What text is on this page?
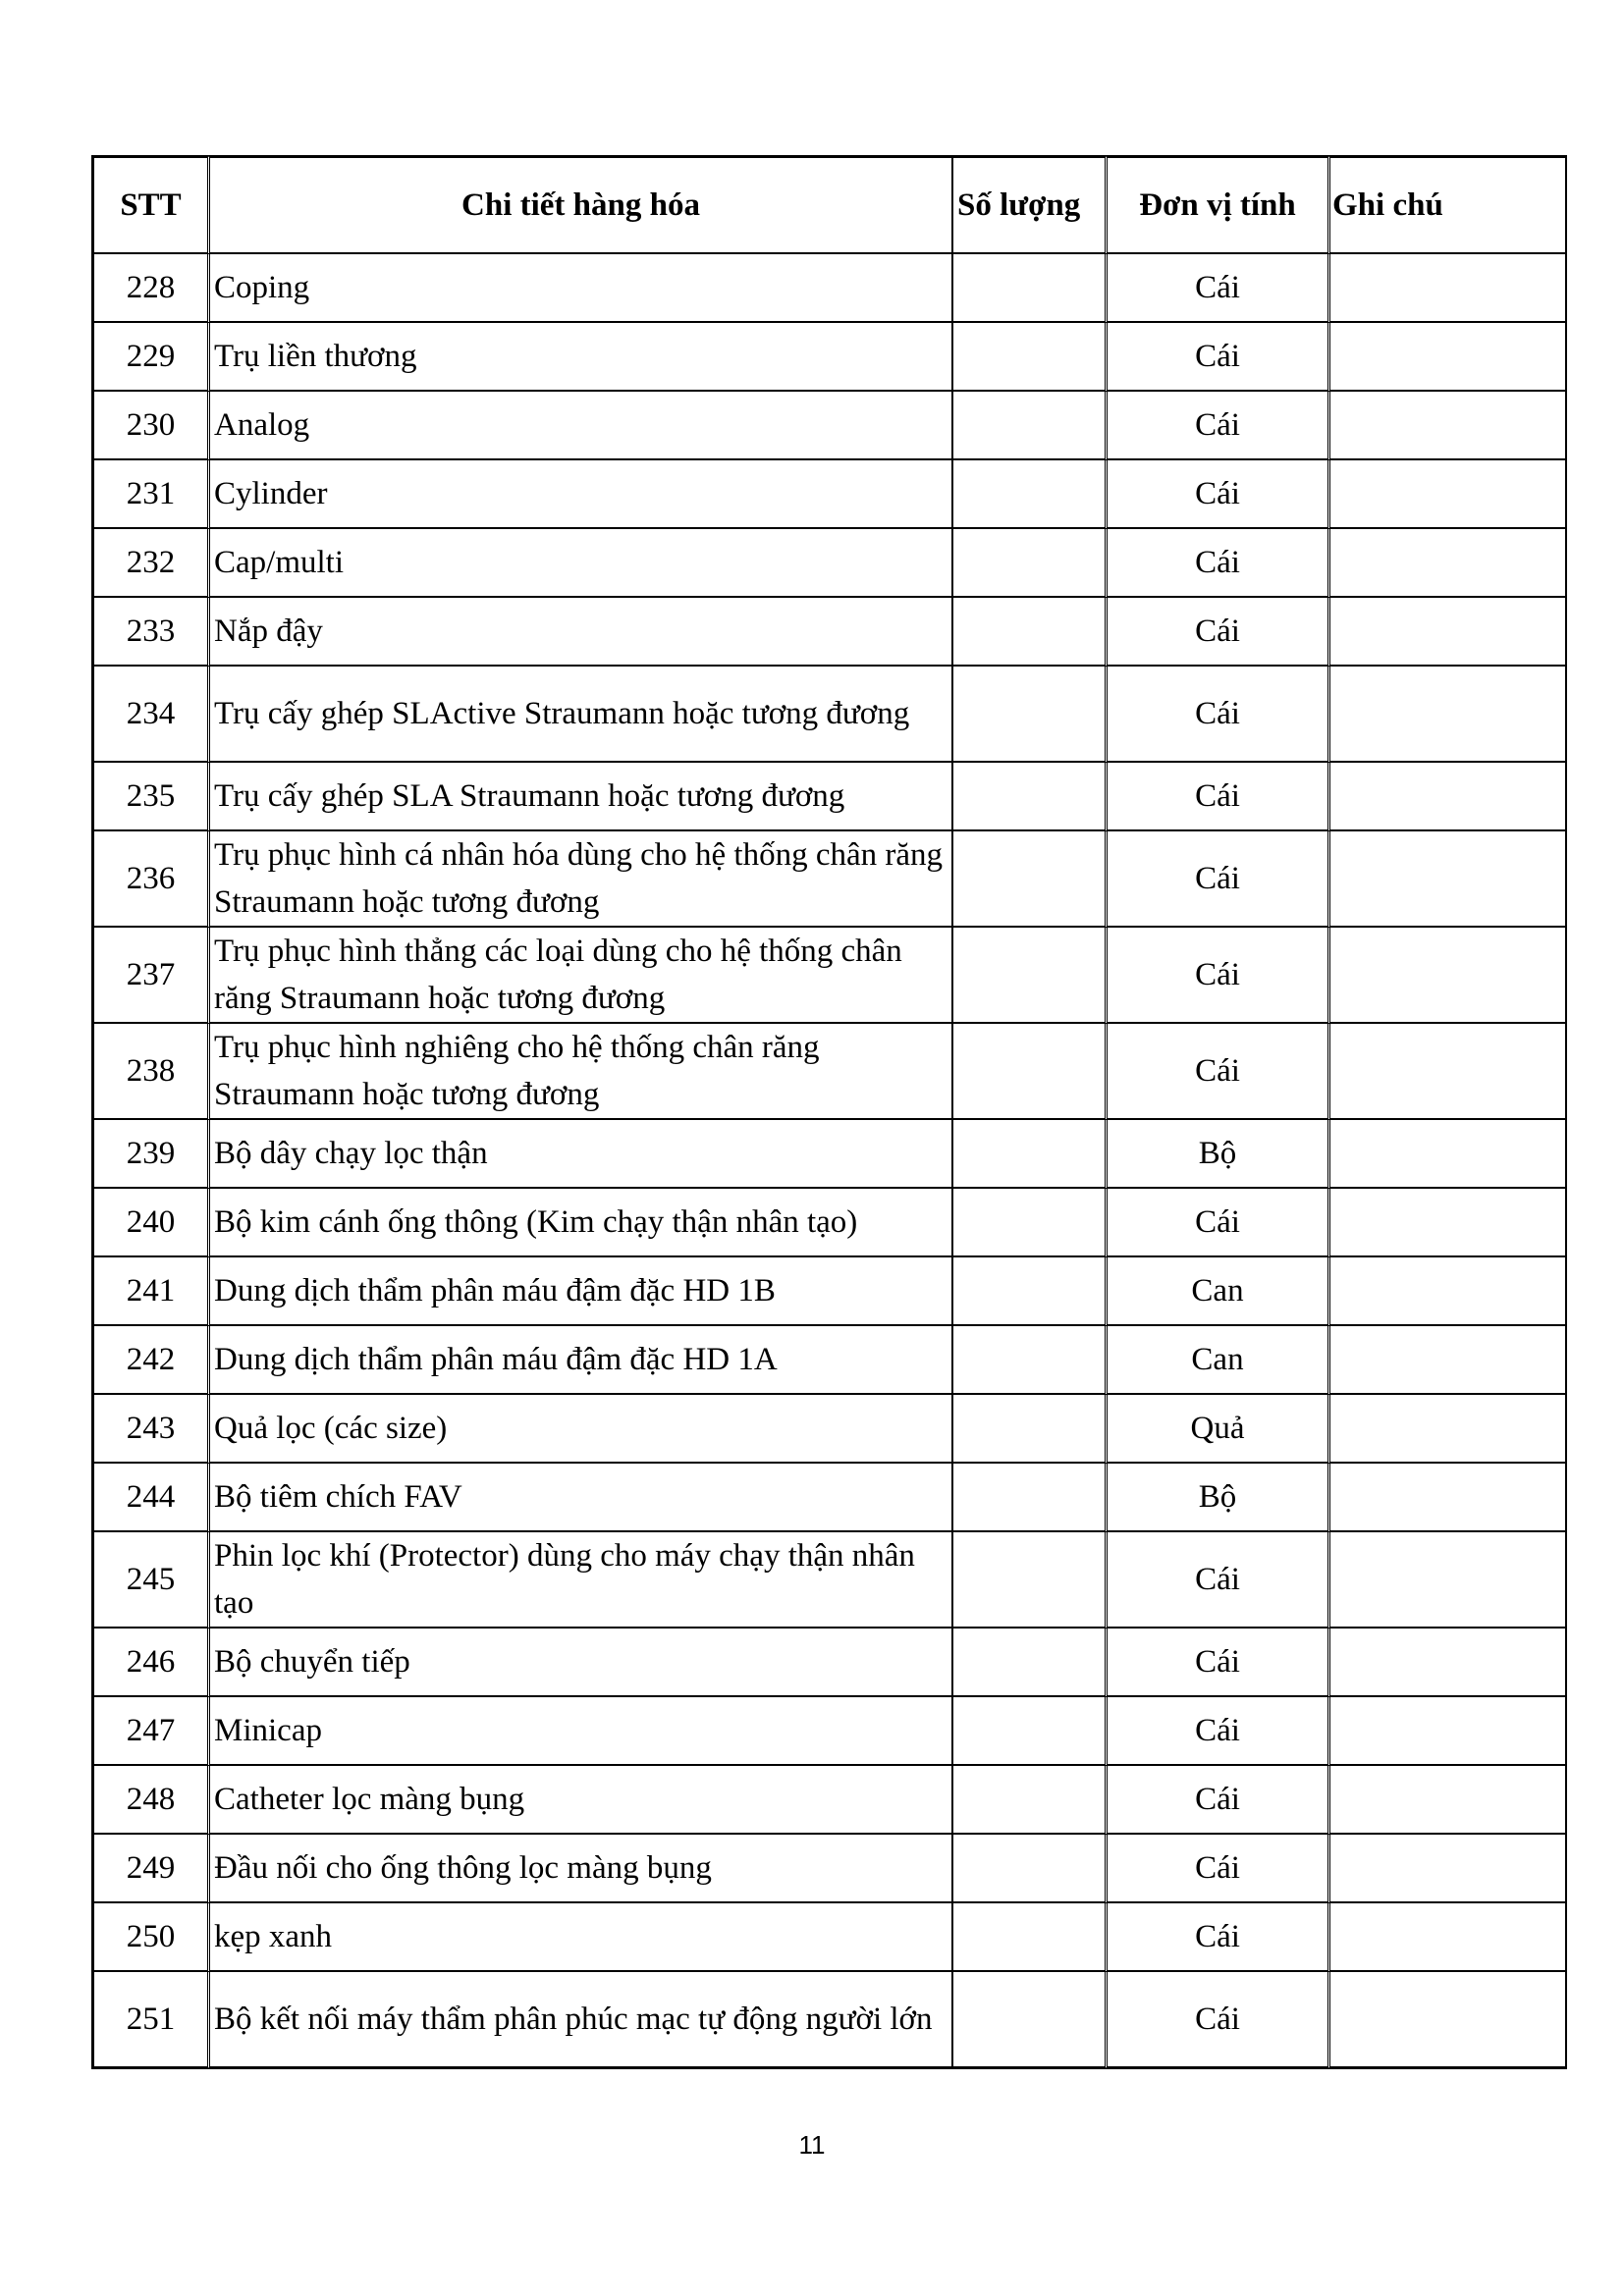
STT	Chi tiết hàng hóa	Số lượng	Đơn vị tính	Ghi chú
228	Coping		Cái	
229	Trụ liền thương		Cái	
230	Analog		Cái	
231	Cylinder		Cái	
232	Cap/multi		Cái	
233	Nắp đậy		Cái	
234	Trụ cấy ghép SLActive Straumann hoặc tương đương		Cái	
235	Trụ cấy ghép SLA Straumann hoặc tương đương		Cái	
236	Trụ phục hình cá nhân hóa dùng cho hệ thống chân răng Straumann hoặc tương đương		Cái	
237	Trụ phục hình thẳng các loại dùng cho hệ thống chân răng Straumann hoặc tương đương		Cái	
238	Trụ phục hình nghiêng cho hệ thống chân răng Straumann hoặc tương đương		Cái	
239	Bộ dây chạy lọc thận		Bộ	
240	Bộ kim cánh ống thông (Kim chạy thận nhân tạo)		Cái	
241	Dung dịch thẩm phân máu đậm đặc HD 1B		Can	
242	Dung dịch thẩm phân máu đậm đặc HD 1A		Can	
243	Quả lọc (các size)		Quả	
244	Bộ tiêm chích FAV		Bộ	
245	Phin lọc khí (Protector) dùng cho máy chạy thận nhân tạo		Cái	
246	Bộ chuyển tiếp		Cái	
247	Minicap		Cái	
248	Catheter lọc màng bụng		Cái	
249	Đầu nối cho ống thông lọc màng bụng		Cái	
250	kẹp xanh		Cái	
251	Bộ kết nối máy thẩm phân phúc mạc tự động người lớn		Cái	
11
